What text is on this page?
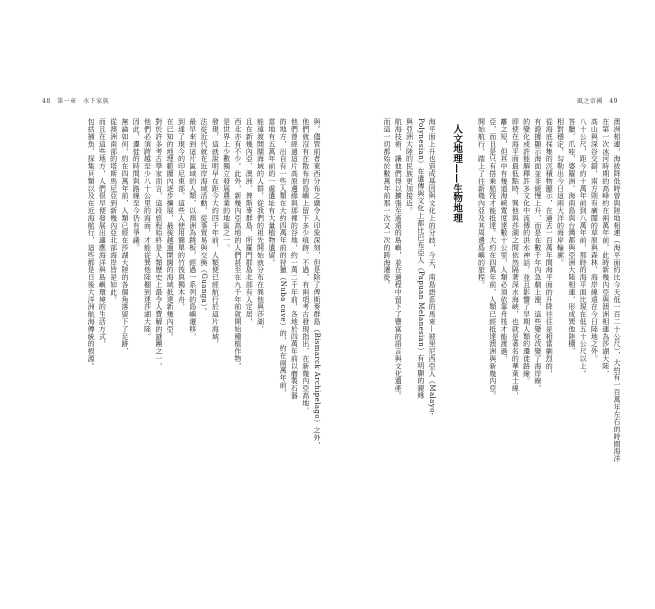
48　第一章　水下家族
與。儘管前者東西分布之廣令人印象深刻，但是除了俾斯麥群島（Bismarck Archipelago）之外，
他們就沒有在散布的島嶼上留下多少痕跡。不過，有兩項考古發現指出，在新幾內亞高地，
他們曾經過這片高原邊緣與那裡的谷地，約一萬二千年前，各地於四萬年前以磨製石器
的地方，出自有一些人類在大約四萬年前的狩獵（Nuba cave）的，約在兩萬年前，
當地有五萬年前的一處遺址有大量植物遺留。
能遠渡開闊海域的人群，從我們的祖先開始就分布在巽他與莎湖，
且在新幾內亞、澳洲、俾斯麥群島、所羅門群島北部有人定居，
西北亦有不少。此外，新幾內亞高地的人們甚至在九千年前就開始種植作物，
是世界上少數獨立發展農業的地區之一。
發現，這就說明早在距今大約四千年前，人類便已經航行於這片海域，
法從近代就在近岸海域活動，從事貿易與交換（Guanga）。
最早來到這片區域的人類，以澳洲為跳板，經過一系列的島嶼遷移，
到達了現今的印尼東部。這些人使用簡單的竹筏與獨木舟，
在已知的地理範圍內逐步擴展，最後越過開闊的海域抵達新幾內亞。
對於許多考古學家而言，這段旅程始終是人類歷史上最令人費解的謎團之一，
他們必須跨越至少八十公里的海面，才能從巽他陸棚到達莎湖大陸。
因此，遷徙的時間與路線至今仍有爭議。
無論如何，約在四萬年前，人類已經在莎湖大陸的各個角落留下了足跡，
從澳洲南部的塔斯馬尼亞到新幾內亞北部海岸皆是如此。
而且在這些地方，人們很早便發展出適應海洋與島嶼環境的生活方式，
包括捕魚、採集貝類以及在近海航行，這些都是日後大洋洲航海傳統的根源。
風之帝國　49
澳洲相連，海拔降低時曾與陸地相連（海平面約比今天低一百二十公尺），大約有一百萬年左右的時間海洋
在第一次冰河時期的高峰約在兩萬年前，此時新幾內亞與澳洲相連為莎湖大陸，
高山與深谷交錯，南方則有廣闊的草原與森林，海岸線遠在今日陸地之外。
八十公尺，距今約十萬年前到八萬年前，那時的海平面比現在低五十公尺以上。
答臘、爪哇、婆羅洲、海南島與台灣都與亞洲大陸相連，形成巽他陸棚，
相對穩定，勾勒出今日這兩大洋的海岸輪廓。
從海底採集的沉積物顯示，在過去一百萬年間海平面的升降往往是相當劇烈的，
有證據顯示海面並非緩慢上升，而是在數千年內急劇上漲，這些變化改變了海岸線。
的變化或許能解釋許多文化中流傳的洪水神話，並且影響了早期人類的遷徙路線。
即使在海平面最低點時，巽他與莎湖之間依然隔著深水海峽，也就是著名的華萊士線，
離之短，但其中有幾道海峽寬度達數十公里，人類必須依靠舟筏才能渡過，
亞，而且是只有搭乘船筏才能抵達。大約在四萬年前，人類已經抵達澳洲與新幾內亞。
開始航行，踏上了往新幾內亞及其周邊島嶼的旅程。
人文地理——生物地理
海平面上升也造成基因與文化上的分歧，今天，南島語系的馬來—玻里尼西亞人（Malayo-
Polynesian）在遺傳與文化上都比巴布亞人（Papuan Melanesian）有明顯的親緣
與亞洲大陸的民族更加接近。
航海技術，讓他們得以擴張至遙遠的島嶼，並在過程中留下了豐富的語言與文化遺產。
而這一切都始於數萬年前那一次又一次的跨海遷徙。
